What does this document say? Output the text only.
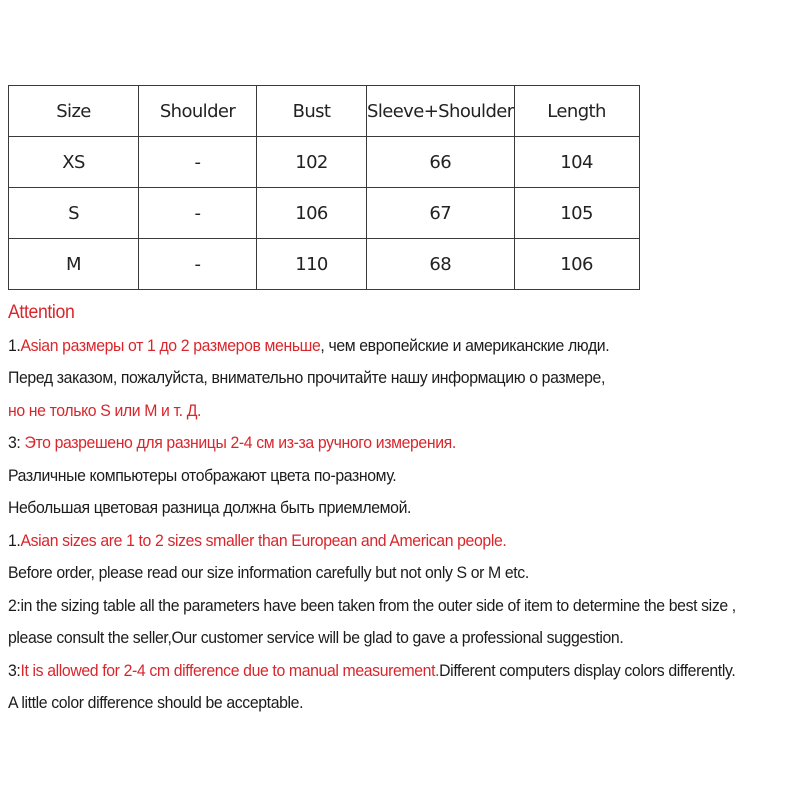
Size	Shoulder	Bust	Sleeve+Shoulder	Length
XS	-	102	66	104
S	-	106	67	105
M	-	110	68	106
Attention
1.Asian размеры от 1 до 2 размеров меньше, чем европейские и американские люди.
Перед заказом, пожалуйста, внимательно прочитайте нашу информацию о размере,
но не только S или M и т. Д.
3: Это разрешено для разницы 2-4 см из-за ручного измерения.
Различные компьютеры отображают цвета по-разному.
Небольшая цветовая разница должна быть приемлемой.
1.Asian sizes are 1 to 2 sizes smaller than European and American people.
Before order, please read our size information carefully but not only S or M etc.
2:in the sizing table all the parameters have been taken from the outer side of item to determine the best size ,
please consult the seller,Our customer service will be glad to gave a professional suggestion.
3:It is allowed for 2-4 cm difference due to manual measurement.Different computers display colors differently.
A little color difference should be acceptable.
